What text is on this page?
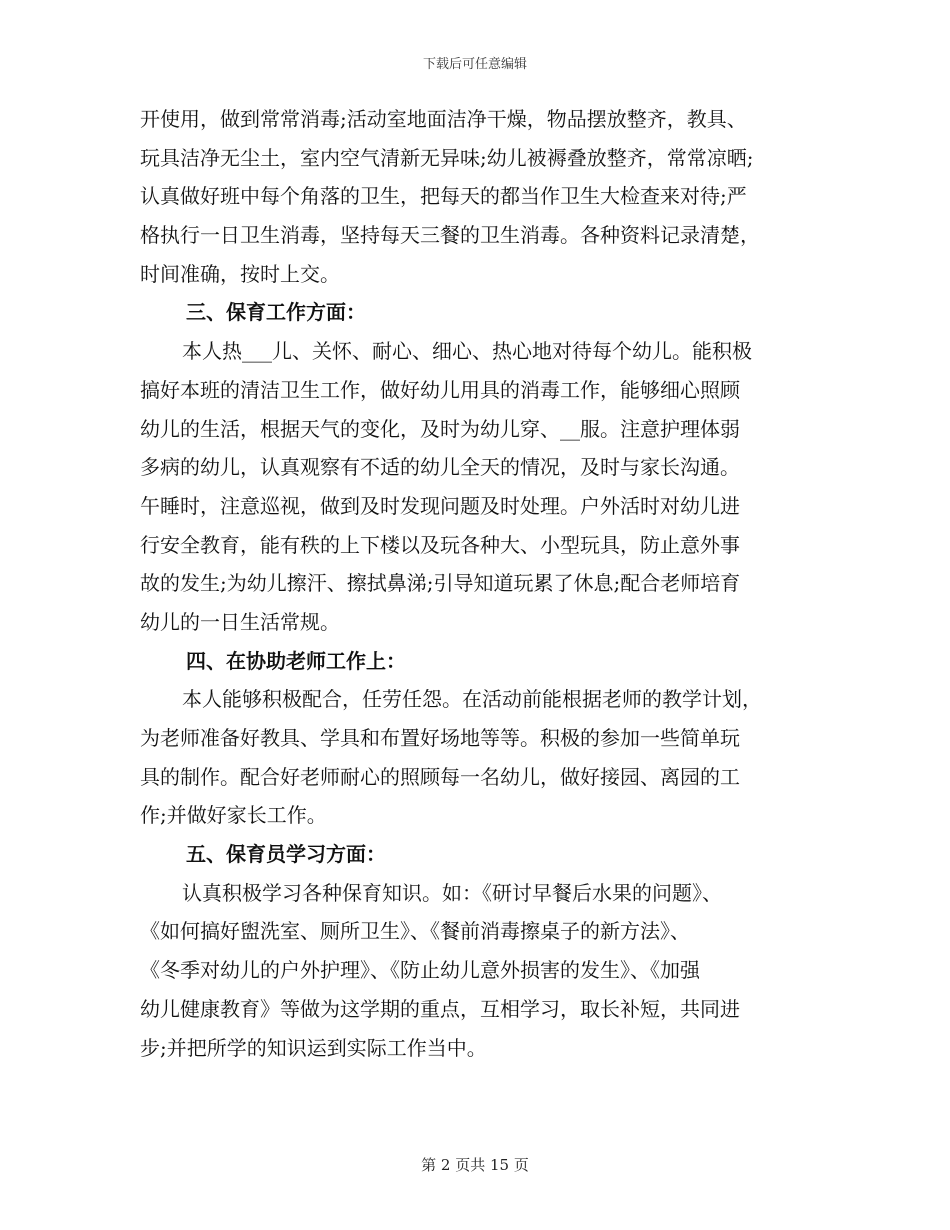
下载后可任意编辑
开使用，做到常常消毒;活动室地面洁净干燥，物品摆放整齐，教具、
玩具洁净无尘土，室内空气清新无异味;幼儿被褥叠放整齐，常常凉晒;
认真做好班中每个角落的卫生，把每天的都当作卫生大检查来对待;严
格执行一日卫生消毒，坚持每天三餐的卫生消毒。各种资料记录清楚，
时间准确，按时上交。
三、保育工作方面：
本人热___儿、关怀、耐心、细心、热心地对待每个幼儿。能积极
搞好本班的清洁卫生工作，做好幼儿用具的消毒工作，能够细心照顾
幼儿的生活，根据天气的变化，及时为幼儿穿、__服。注意护理体弱
多病的幼儿，认真观察有不适的幼儿全天的情况，及时与家长沟通。
午睡时，注意巡视，做到及时发现问题及时处理。户外活时对幼儿进
行安全教育，能有秩的上下楼以及玩各种大、小型玩具，防止意外事
故的发生;为幼儿擦汗、擦拭鼻涕;引导知道玩累了休息;配合老师培育
幼儿的一日生活常规。
四、在协助老师工作上：
本人能够积极配合，任劳任怨。在活动前能根据老师的教学计划，
为老师准备好教具、学具和布置好场地等等。积极的参加一些简单玩
具的制作。配合好老师耐心的照顾每一名幼儿，做好接园、离园的工
作;并做好家长工作。
五、保育员学习方面：
认真积极学习各种保育知识。如：《研讨早餐后水果的问题》、
《如何搞好盥洗室、厕所卫生》、《餐前消毒擦桌子的新方法》、
《冬季对幼儿的户外护理》、《防止幼儿意外损害的发生》、《加强
幼儿健康教育》等做为这学期的重点，互相学习，取长补短，共同进
步;并把所学的知识运到实际工作当中。
第 2 页共 15 页
